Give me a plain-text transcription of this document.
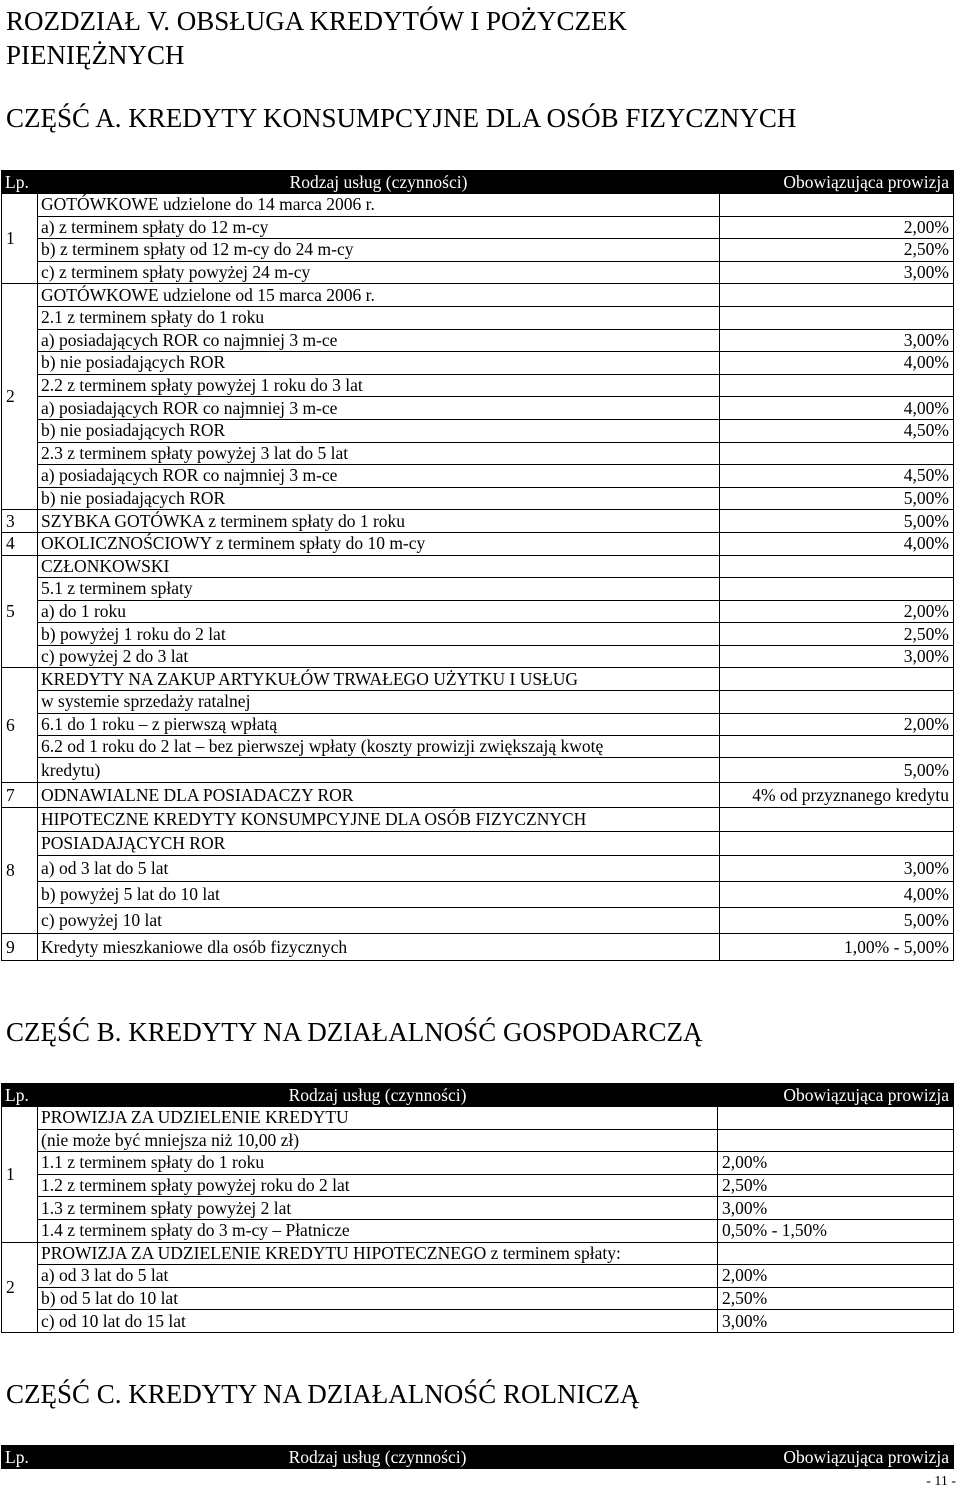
ROZDZIAŁ V. OBSŁUGA KREDYTÓW I POŻYCZEK
PIENIĘŻNYCH
CZĘŚĆ A. KREDYTY KONSUMPCYJNE DLA OSÓB FIZYCZNYCH
Lp.	Rodzaj usług (czynności)	Obowiązująca prowizja
1	GOTÓWKOWE udzielone do 14 marca 2006 r.	
	a) z terminem spłaty do 12 m-cy	2,00%
	b) z terminem spłaty od 12 m-cy do 24 m-cy	2,50%
	c) z terminem spłaty powyżej 24 m-cy	3,00%
2	GOTÓWKOWE udzielone od 15 marca 2006 r.	
	2.1 z terminem spłaty do 1 roku	
	a) posiadających ROR co najmniej 3 m-ce	3,00%
	b) nie posiadających ROR	4,00%
	2.2 z terminem spłaty powyżej 1 roku do 3 lat	
	a) posiadających ROR co najmniej 3 m-ce	4,00%
	b) nie posiadających ROR	4,50%
	2.3 z terminem spłaty powyżej 3 lat do 5 lat	
	a) posiadających ROR co najmniej 3 m-ce	4,50%
	b) nie posiadających ROR	5,00%
3	SZYBKA GOTÓWKA z terminem spłaty do 1 roku	5,00%
4	OKOLICZNOŚCIOWY z terminem spłaty do 10 m-cy	4,00%
5	CZŁONKOWSKI	
	5.1 z terminem spłaty	
	a) do 1 roku	2,00%
	b) powyżej 1 roku do 2 lat	2,50%
	c) powyżej 2 do 3 lat	3,00%
6	KREDYTY NA ZAKUP ARTYKUŁÓW TRWAŁEGO UŻYTKU I USŁUG	
	w systemie sprzedaży ratalnej	
	6.1 do 1 roku – z pierwszą wpłatą	2,00%
	6.2 od 1 roku do 2 lat – bez pierwszej wpłaty (koszty prowizji zwiększają kwotę	
	kredytu)	5,00%
7	ODNAWIALNE DLA POSIADACZY ROR	4% od przyznanego kredytu
8	HIPOTECZNE KREDYTY KONSUMPCYJNE DLA OSÓB FIZYCZNYCH	
	POSIADAJĄCYCH ROR	
	a) od 3 lat do 5 lat	3,00%
	b) powyżej 5 lat do 10 lat	4,00%
	c) powyżej 10 lat	5,00%
9	Kredyty mieszkaniowe dla osób fizycznych	1,00% - 5,00%
CZĘŚĆ B. KREDYTY NA DZIAŁALNOŚĆ GOSPODARCZĄ
Lp.	Rodzaj usług (czynności)	Obowiązująca prowizja
1	PROWIZJA ZA UDZIELENIE KREDYTU	
	(nie może być mniejsza niż 10,00 zł)	
	1.1 z terminem spłaty do 1 roku	2,00%
	1.2 z terminem spłaty powyżej roku do 2 lat	2,50%
	1.3 z terminem spłaty powyżej 2 lat	3,00%
	1.4 z terminem spłaty do 3 m-cy – Płatnicze	0,50% - 1,50%
2	PROWIZJA ZA UDZIELENIE KREDYTU HIPOTECZNEGO z terminem spłaty:	
	a) od 3 lat do 5 lat	2,00%
	b) od 5 lat do 10 lat	2,50%
	c) od 10 lat do 15 lat	3,00%
CZĘŚĆ C. KREDYTY NA DZIAŁALNOŚĆ ROLNICZĄ
Lp.	Rodzaj usług (czynności)	Obowiązująca prowizja
- 11 -
